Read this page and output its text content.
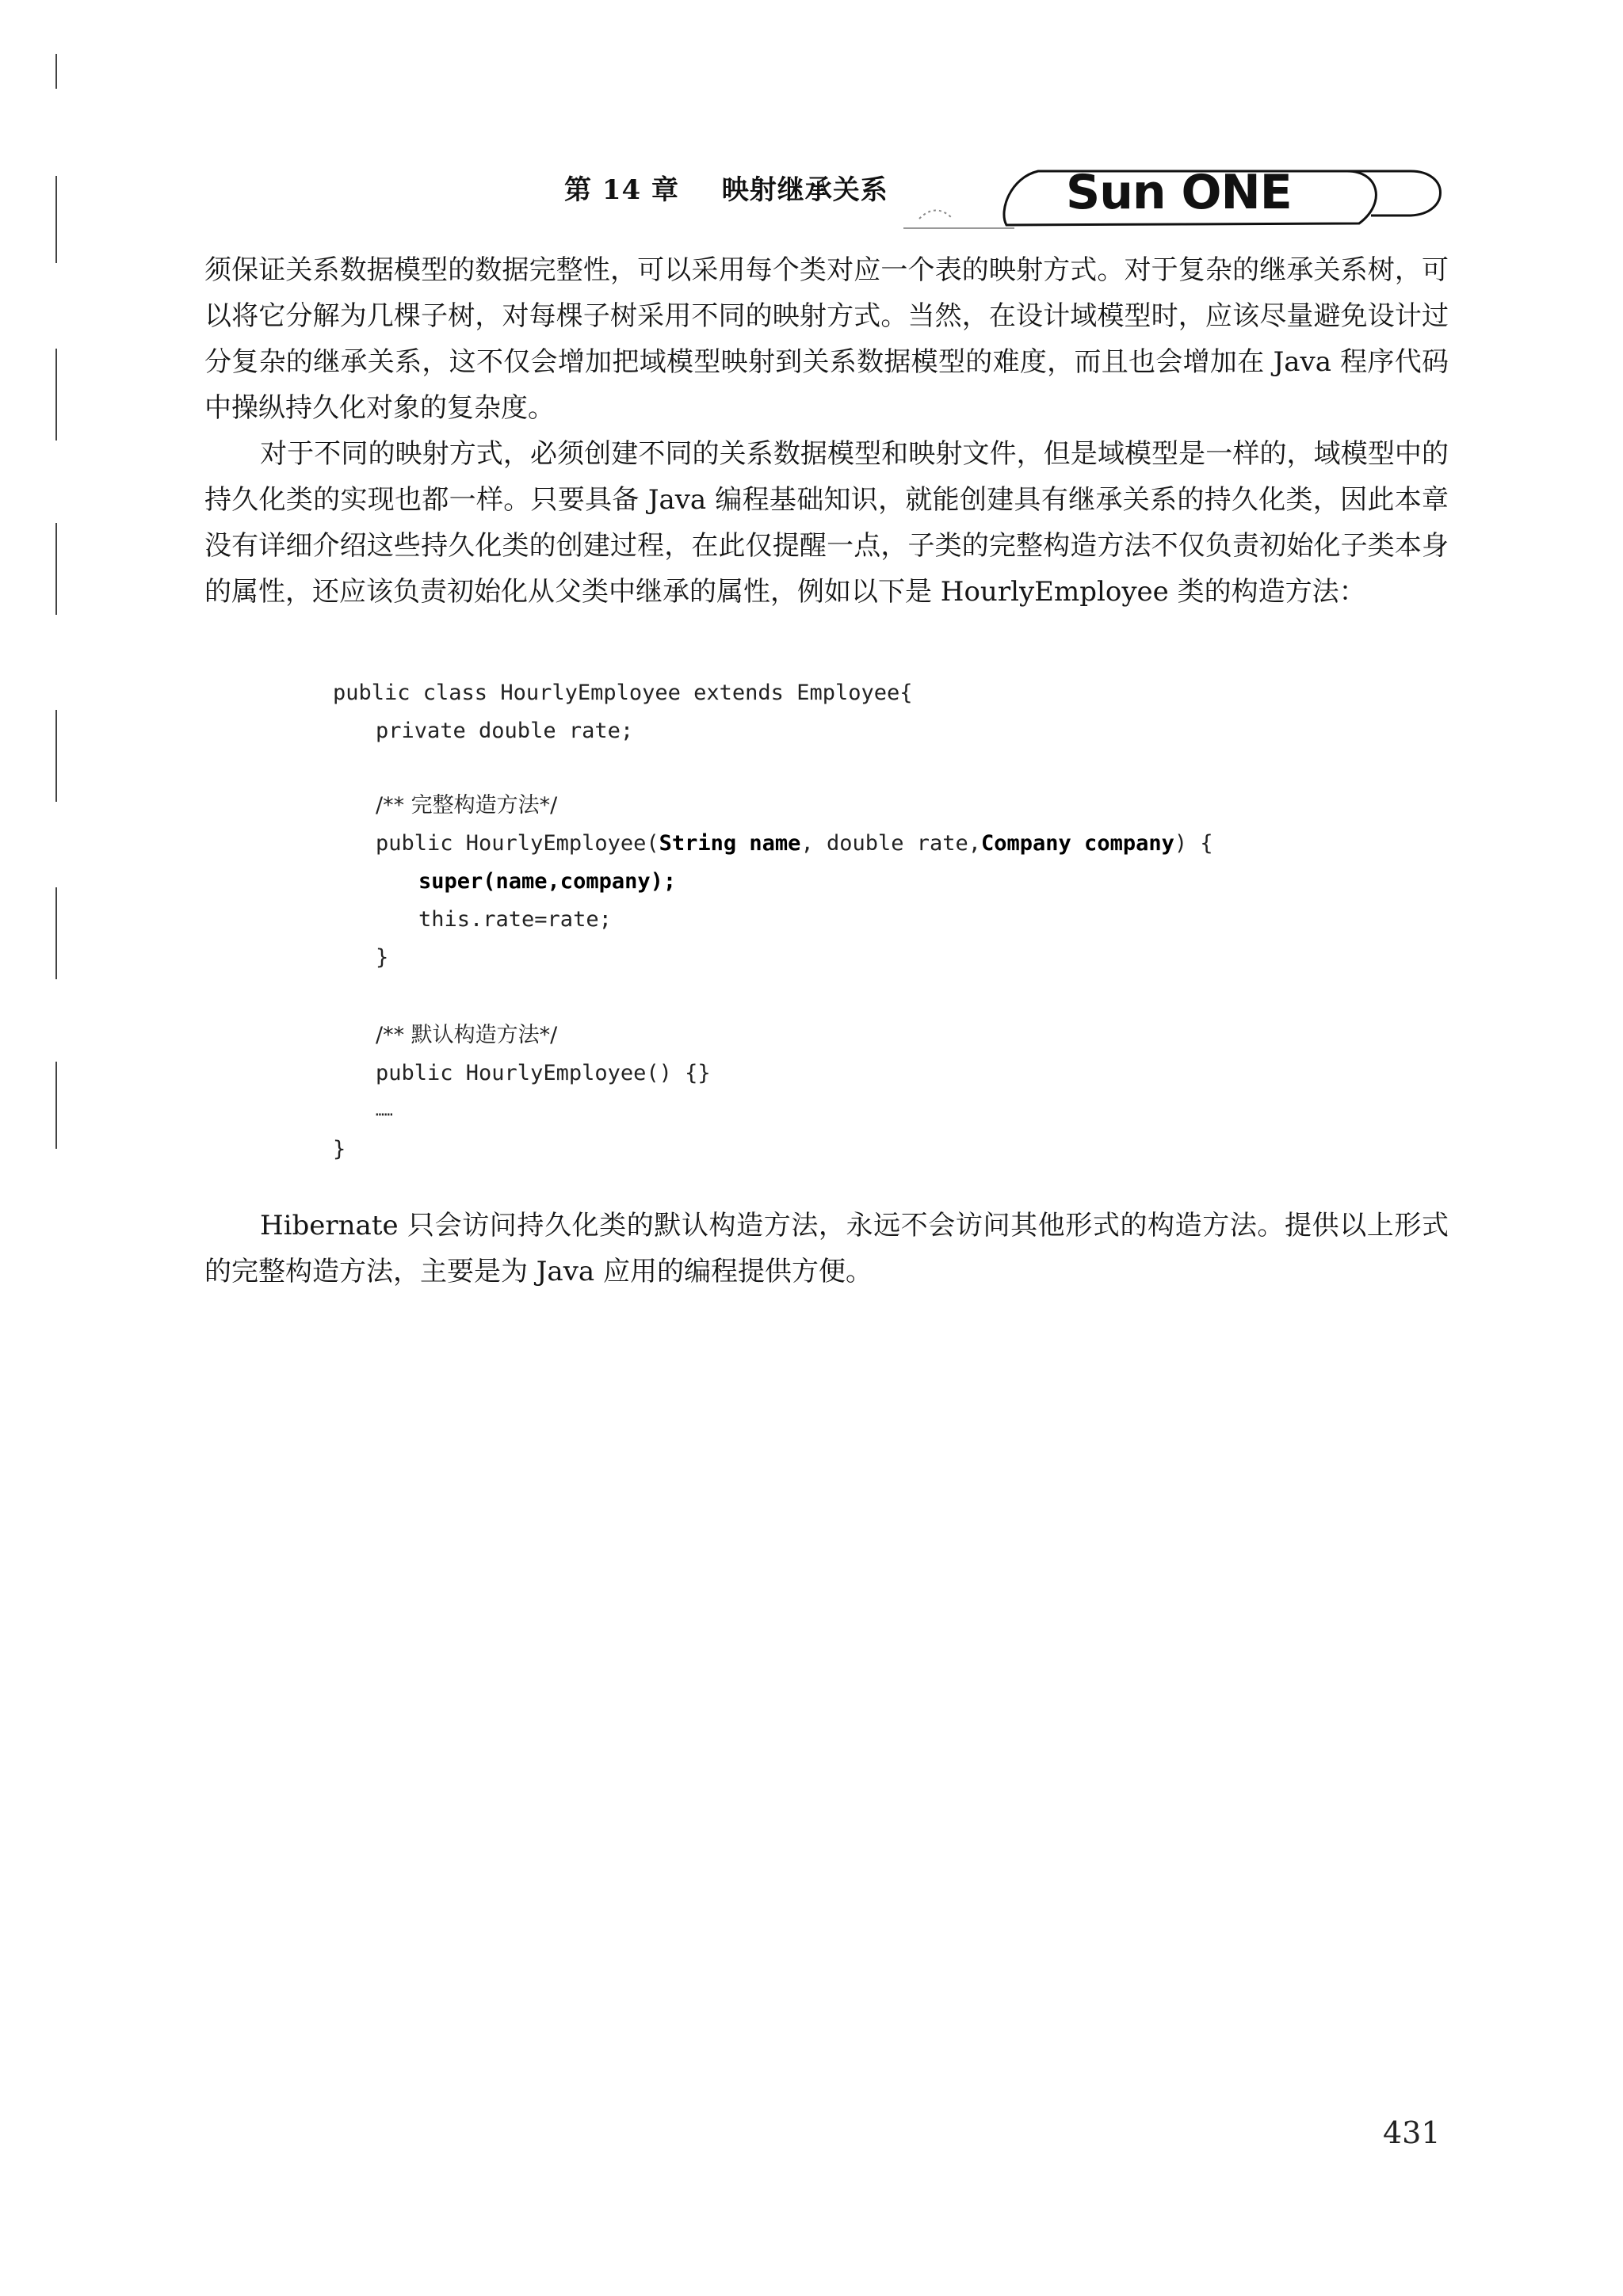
第 14 章 映射继承关系	Sun ONE
须保证关系数据模型的数据完整性，可以采用每个类对应一个表的映射方式。对于复杂的继承关系树，可以将它分解为几棵子树，对每棵子树采用不同的映射方式。当然，在设计域模型时，应该尽量避免设计过分复杂的继承关系，这不仅会增加把域模型映射到关系数据模型的难度，而且也会增加在 Java 程序代码中操纵持久化对象的复杂度。
对于不同的映射方式，必须创建不同的关系数据模型和映射文件，但是域模型是一样的，域模型中的持久化类的实现也都一样。只要具备 Java 编程基础知识，就能创建具有继承关系的持久化类，因此本章没有详细介绍这些持久化类的创建过程，在此仅提醒一点，子类的完整构造方法不仅负责初始化子类本身的属性，还应该负责初始化从父类中继承的属性，例如以下是 HourlyEmployee 类的构造方法：
public class HourlyEmployee extends Employee{
private double rate;
/** 完整构造方法*/
public HourlyEmployee(String name, double rate,Company company) {
super(name,company);
this.rate=rate;
}
/** 默认构造方法*/
public HourlyEmployee() {}
……
}
Hibernate 只会访问持久化类的默认构造方法，永远不会访问其他形式的构造方法。提供以上形式的完整构造方法，主要是为 Java 应用的编程提供方便。
431
